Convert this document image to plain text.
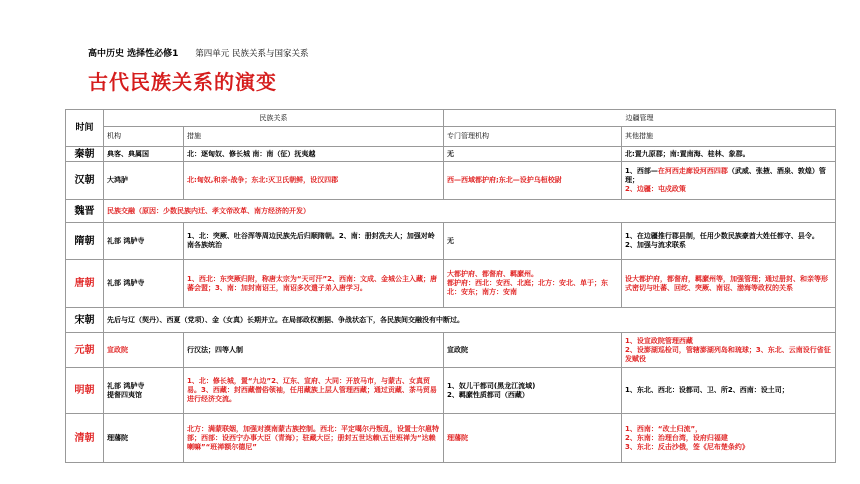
高中历史 选择性必修1 第四单元 民族关系与国家关系
古代民族关系的演变
时间	民族关系		边疆管理	
	机构	措施	专门管理机构	其他措施
秦朝	典客、典属国	北：逐匈奴、修长城 南：南（征）抚夷越	无	北:置九原郡；南:置南海、桂林、象郡。
汉朝	大鸿胪	北:匈奴,和亲-战争；东北:灭卫氏朝鲜，设汉四郡	西—西域都护府;东北—设护乌桓校尉	1、西部—在河西走廊设河西四郡（武威、张掖、酒泉、敦煌）管理；
2、边疆：屯戍政策
魏晋	民族交融（原因：少数民族内迁、孝文帝改革、南方经济的开发）			
隋朝	礼部 鸿胪寺	1、北：突厥、吐谷浑等周边民族先后归顺隋朝。2、南：册封冼夫人；加强对岭南各族统治	无	1、在边疆推行郡县制，任用少数民族豪酋大姓任都守、县令。
2、加强与流求联系
唐朝	礼部 鸿胪寺	1、西北：东突厥归附，称唐太宗为“天可汗”2、西南：文成、金城公主入藏；唐蕃会盟；3、南：加封南诏王，南诏多次遣子弟入唐学习。	大都护府、都督府、羁縻州。
都护府：西北：安西、北庭；北方：安北、单于；东北：安东；南方：安南	设大都护府，都督府，羁縻州等，加强管理；通过册封、和亲等形式密切与吐蕃、回纥、突厥、南诏、渤海等政权的关系
宋朝	先后与辽（契丹）、西夏（党项）、金（女真）长期并立。在局部政权割据、争战状态下，各民族间交融没有中断过。			
元朝	宣政院	行汉法；四等人制	宣政院	1、设宣政院管理西藏
2、设澎湖巡检司，管辖澎湖列岛和琉球；3、东北、云南设行省征发赋役
明朝	礼部 鸿胪寺
提督四夷馆	1、北：修长城，置“九边”2、辽东、宣府、大同：开放马市，与蒙古、女真贸易。3、西藏：封西藏僧俗领袖，任用藏族上层人管理西藏；通过贡藏、茶马贸易进行经济交流。	1、奴儿干都司(黑龙江流域)
2、羁縻性质都司（西藏）	1、东北、西北：设都司、卫、所2、西南：设土司；
清朝	理藩院	北方：满蒙联姻，加强对漠南蒙古族控制。西北：平定噶尔丹叛乱，设置士尔扈特部；西部：设西宁办事大臣（青海）；驻藏大臣；册封五世达赖\五世班禅为“达赖喇嘛”“班禅额尔德尼”	理藩院	1、西南：“改土归流”，
2、东南：治理台湾，设府归福建
3、东北：反击沙俄，签《尼布楚条约》
